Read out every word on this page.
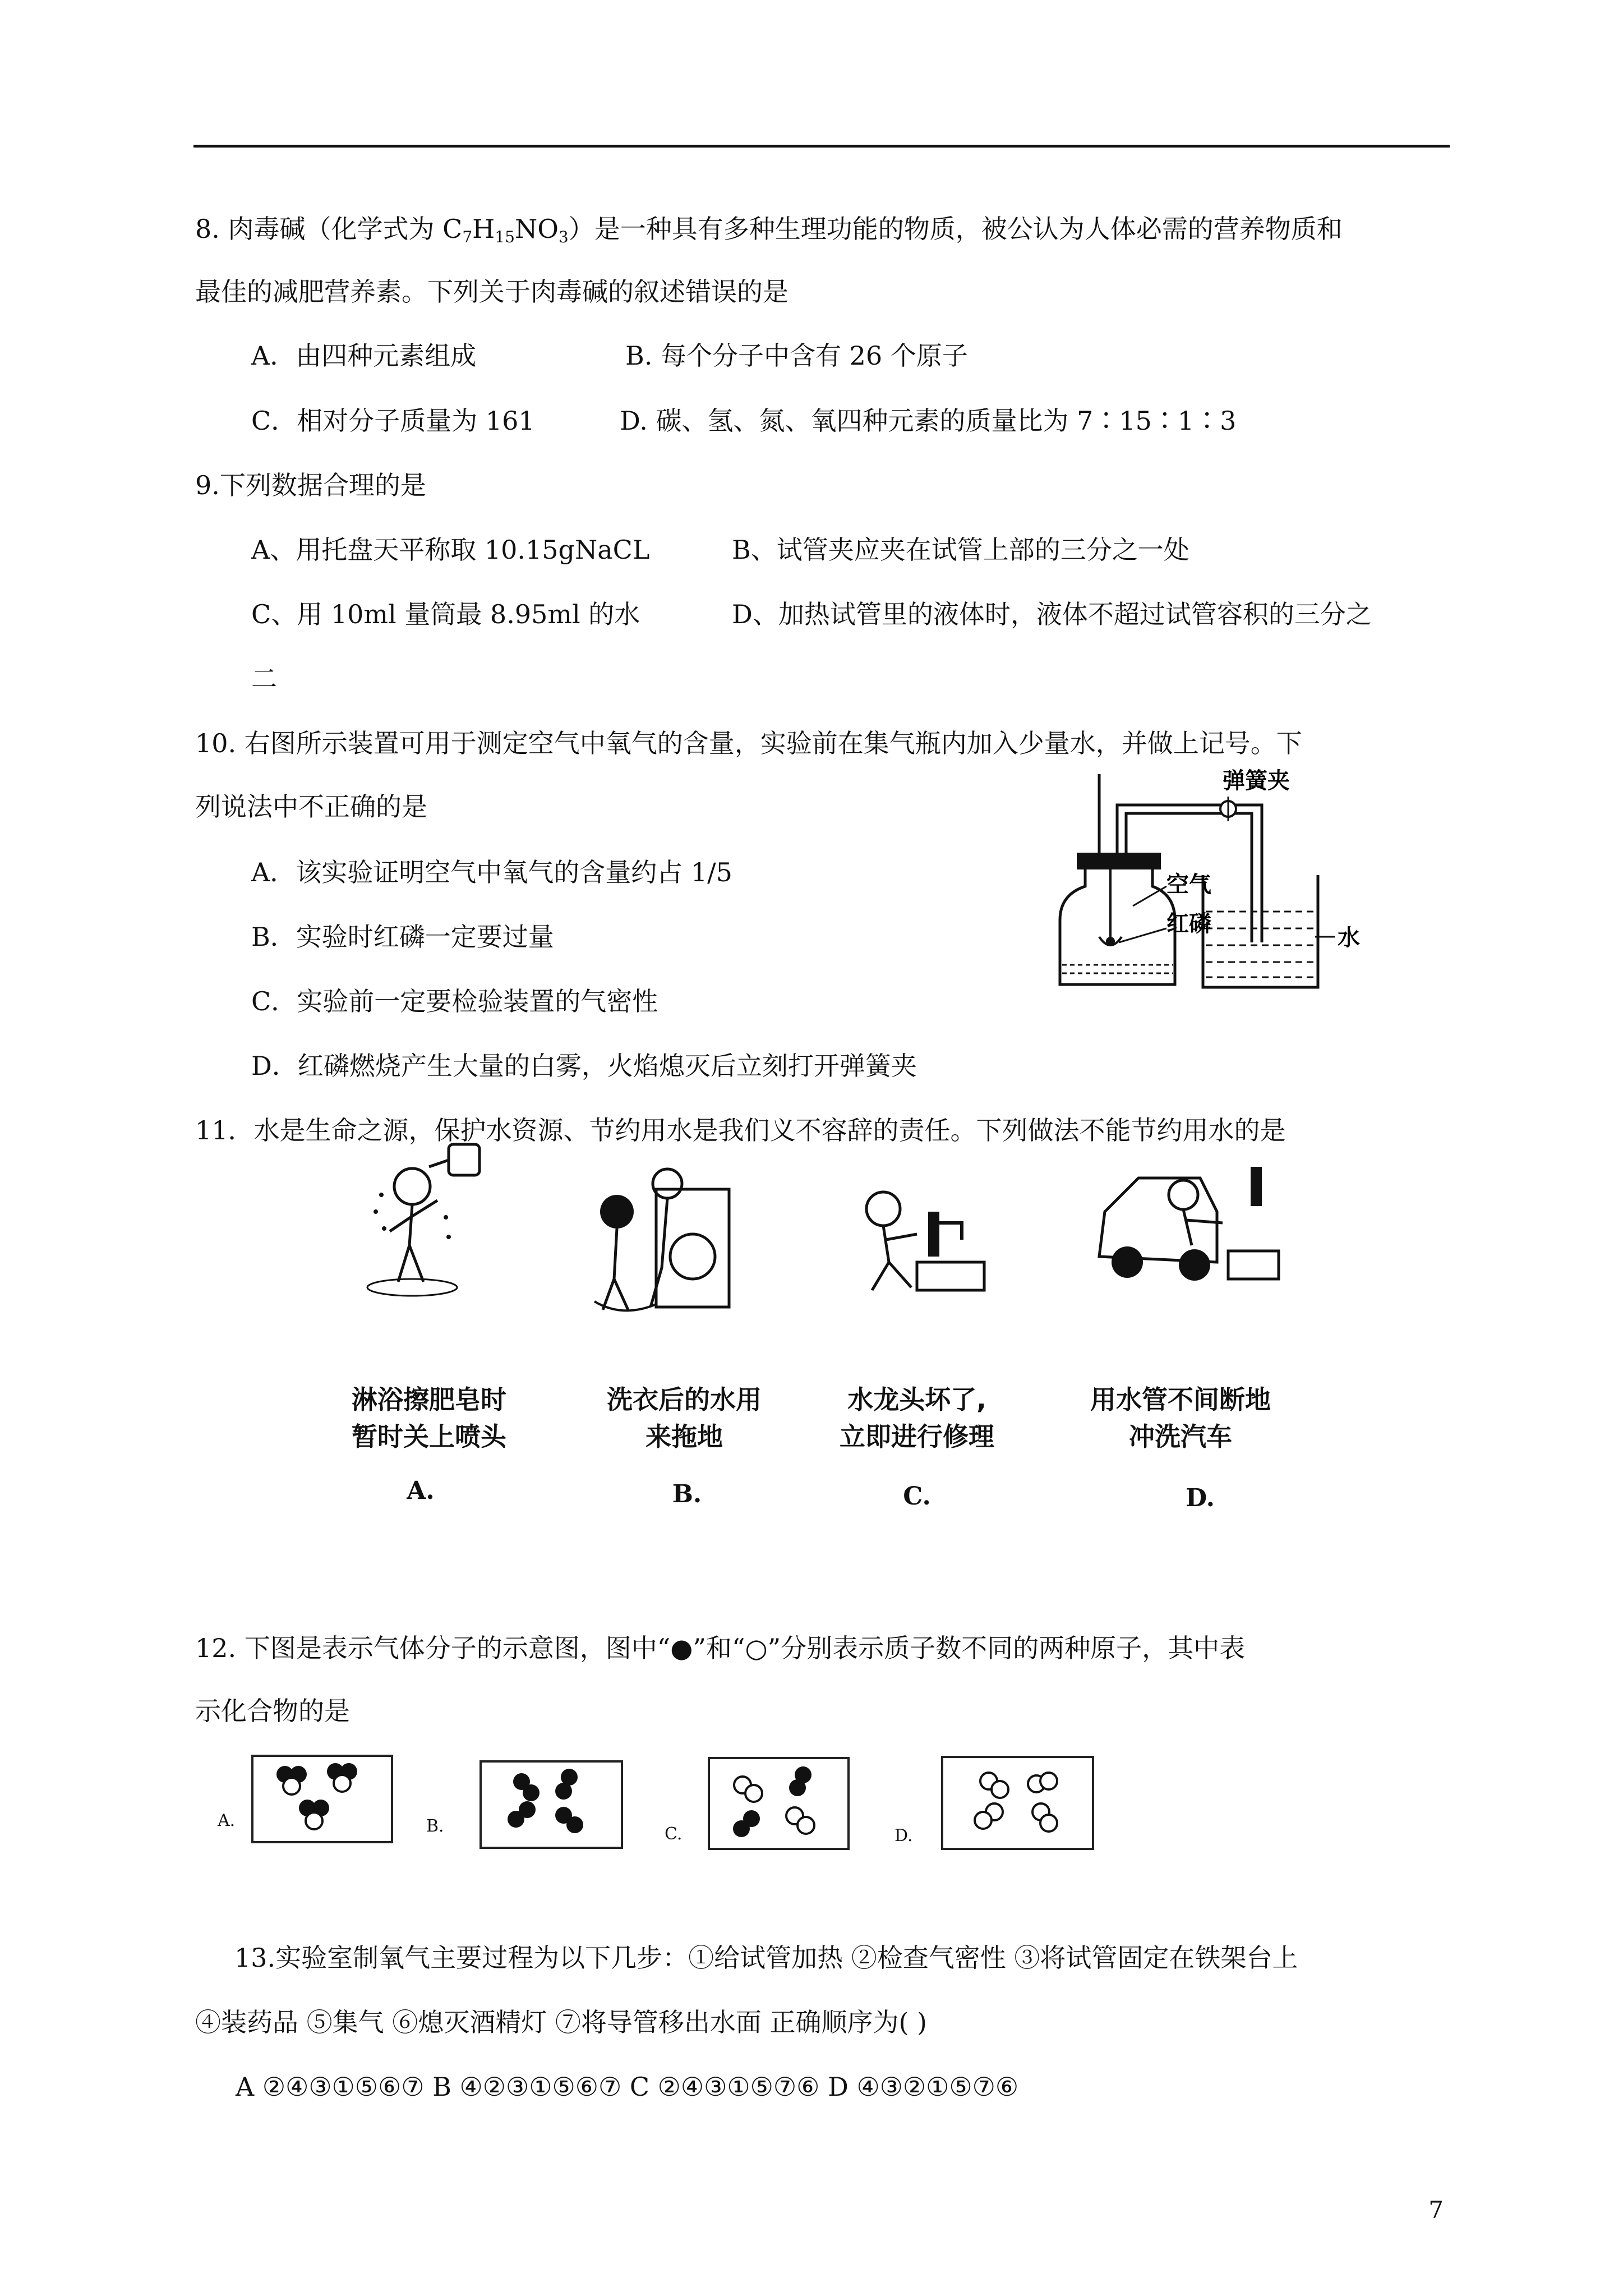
8. 肉毒碱（化学式为 $C_7H_{15}NO_3$）是一种具有多种生理功能的物质，被公认为人体必需的营养物质和
最佳的减肥营养素。下列关于肉毒碱的叙述错误的是
A．由四种元素组成	B. 每个分子中含有 26 个原子
C．相对分子质量为 161	D. 碳、氢、氮、氧四种元素的质量比为 7∶15∶1∶3
9.下列数据合理的是
A、用托盘天平称取 10.15gNaCL	B、试管夹应夹在试管上部的三分之一处
C、用 10ml 量筒最 8.95ml 的水	D、加热试管里的液体时，液体不超过试管容积的三分之
二
10. 右图所示装置可用于测定空气中氧气的含量，实验前在集气瓶内加入少量水，并做上记号。下
列说法中不正确的是
A．该实验证明空气中氧气的含量约占 1/5
B．实验时红磷一定要过量
C．实验前一定要检验装置的气密性
D．红磷燃烧产生大量的白雾，火焰熄灭后立刻打开弹簧夹
弹簧夹
空气
红磷
水
11．水是生命之源，保护水资源、节约用水是我们义不容辞的责任。下列做法不能节约用水的是
淋浴擦肥皂时
暂时关上喷头
洗衣后的水用
来拖地
水龙头坏了,
立即进行修理
用水管不间断地
冲洗汽车
A.	B.	C.	D.
12. 下图是表示气体分子的示意图，图中“●”和“○”分别表示质子数不同的两种原子，其中表
示化合物的是
A.	B.	C.	D.
13.实验室制氧气主要过程为以下几步：①给试管加热 ②检查气密性 ③将试管固定在铁架台上
④装药品 ⑤集气 ⑥熄灭酒精灯 ⑦将导管移出水面 正确顺序为( )
A ②④③①⑤⑥⑦ B ④②③①⑤⑥⑦ C ②④③①⑤⑦⑥ D ④③②①⑤⑦⑥
7
